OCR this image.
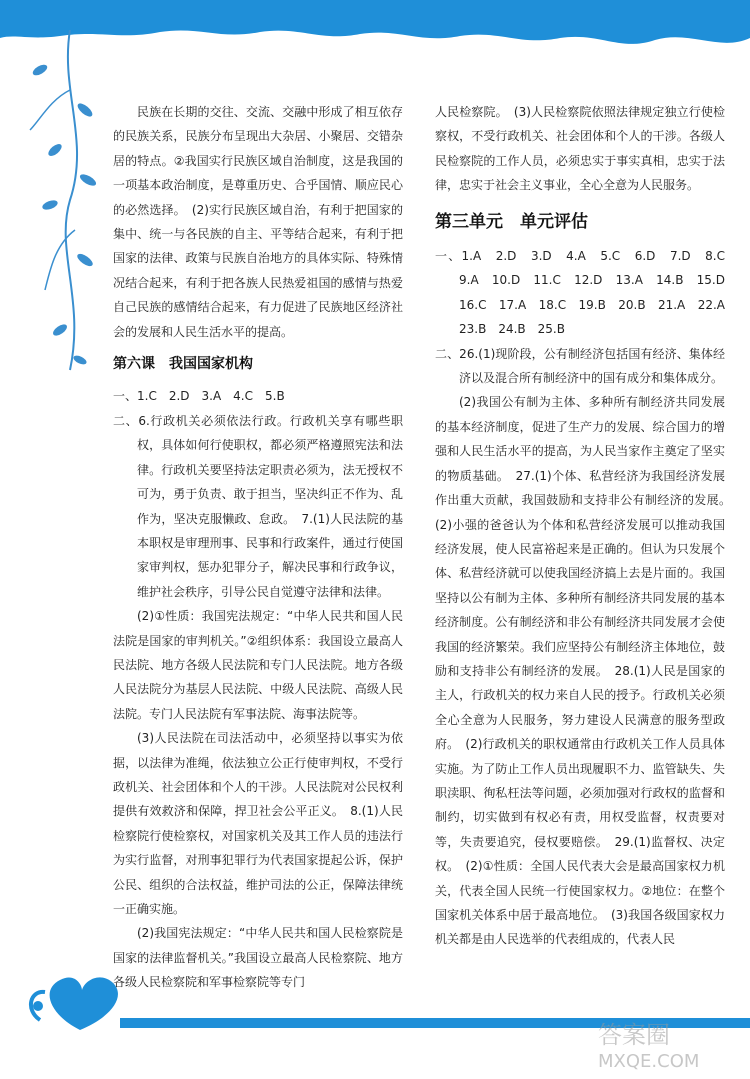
民族在长期的交往、交流、交融中形成了相互依存的民族关系，民族分布呈现出大杂居、小聚居、交错杂居的特点。②我国实行民族区域自治制度，这是我国的一项基本政治制度，是尊重历史、合乎国情、顺应民心的必然选择。　(2)实行民族区域自治，有利于把国家的集中、统一与各民族的自主、平等结合起来，有利于把国家的法律、政策与民族自治地方的具体实际、特殊情况结合起来，有利于把各族人民热爱祖国的感情与热爱自己民族的感情结合起来，有力促进了民族地区经济社会的发展和人民生活水平的提高。

第六课　我国国家机构

一、1.C　2.D　3.A　4.C　5.B

二、6.行政机关必须依法行政。行政机关享有哪些职权，具体如何行使职权，都必须严格遵照宪法和法律。行政机关要坚持法定职责必须为，法无授权不可为，勇于负责、敢于担当，坚决纠正不作为、乱作为，坚决克服懒政、怠政。　7.(1)人民法院的基本职权是审理刑事、民事和行政案件，通过行使国家审判权，惩办犯罪分子，解决民事和行政争议，维护社会秩序，引导公民自觉遵守法律和法律。

(2)①性质：我国宪法规定：“中华人民共和国人民法院是国家的审判机关。”②组织体系：我国设立最高人民法院、地方各级人民法院和专门人民法院。地方各级人民法院分为基层人民法院、中级人民法院、高级人民法院。专门人民法院有军事法院、海事法院等。

(3)人民法院在司法活动中，必须坚持以事实为依据，以法律为准绳，依法独立公正行使审判权，不受行政机关、社会团体和个人的干涉。人民法院对公民权利提供有效救济和保障，捍卫社会公平正义。　8.(1)人民检察院行使检察权，对国家机关及其工作人员的违法行为实行监督，对刑事犯罪行为代表国家提起公诉，保护公民、组织的合法权益，维护司法的公正，保障法律统一正确实施。

(2)我国宪法规定：“中华人民共和国人民检察院是国家的法律监督机关。”我国设立最高人民检察院、地方各级人民检察院和军事检察院等专门

人民检察院。　(3)人民检察院依照法律规定独立行使检察权，不受行政机关、社会团体和个人的干涉。各级人民检察院的工作人员，必须忠实于事实真相，忠实于法律，忠实于社会主义事业，全心全意为人民服务。

第三单元　单元评估

一、1.A　2.D　3.D　4.A　5.C　6.D　7.D　8.C　9.A　10.D　11.C　12.D　13.A　14.B　15.D　16.C　17.A　18.C　19.B　20.B　21.A　22.A　23.B　24.B　25.B

二、26.(1)现阶段，公有制经济包括国有经济、集体经济以及混合所有制经济中的国有成分和集体成分。

(2)我国公有制为主体、多种所有制经济共同发展的基本经济制度，促进了生产力的发展、综合国力的增强和人民生活水平的提高，为人民当家作主奠定了坚实的物质基础。　27.(1)个体、私营经济为我国经济发展作出重大贡献，我国鼓励和支持非公有制经济的发展。　(2)小强的爸爸认为个体和私营经济发展可以推动我国经济发展，使人民富裕起来是正确的。但认为只发展个体、私营经济就可以使我国经济搞上去是片面的。我国坚持以公有制为主体、多种所有制经济共同发展的基本经济制度。公有制经济和非公有制经济共同发展才会使我国的经济繁荣。我们应坚持公有制经济主体地位，鼓励和支持非公有制经济的发展。　28.(1)人民是国家的主人，行政机关的权力来自人民的授予。行政机关必须全心全意为人民服务，努力建设人民满意的服务型政府。　(2)行政机关的职权通常由行政机关工作人员具体实施。为了防止工作人员出现履职不力、监管缺失、失职渎职、徇私枉法等问题，必须加强对行政权的监督和制约，切实做到有权必有责，用权受监督，权责要对等，失责要追究，侵权要赔偿。　29.(1)监督权、决定权。　(2)①性质：全国人民代表大会是最高国家权力机关，代表全国人民统一行使国家权力。②地位：在整个国家机关体系中居于最高地位。　(3)我国各级国家权力机关都是由人民选举的代表组成的，代表人民

答案圈
MXQE.COM
